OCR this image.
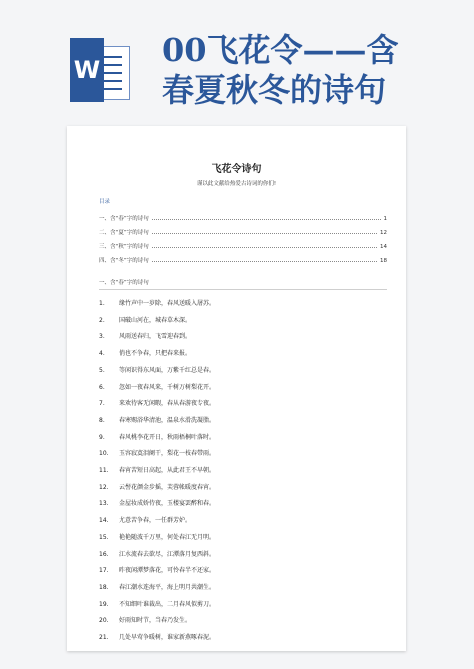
W
00飞花令——含
春夏秋冬的诗句
飞花令诗句
谨以此文献给热爱古诗词的你们!
目录
一、含“春”字的诗句	1
二、含“夏”字的诗句	12
三、含“秋”字的诗句	14
四、含“冬”字的诗句	18
一、含“春”字的诗句
1. 缘竹声中一岁除，春风送暖入屠苏。
2. 国破山河在，城春草木深。
3. 风雨送春归，飞雪迎春到。
4. 俏也不争春，只把春来报。
5. 等闲识得东风面，万紫千红总是春。
6. 忽如一夜春风来，千树万树梨花开。
7. 来欢待客无闲暇，春从春游夜专夜。
8. 春寒赐浴华清池，温泉水滑洗凝脂。
9. 春风桃李花开日，秋雨梧桐叶落时。
10. 玉容寂寞泪阑干，梨花一枝春带雨。
11. 春宵苦短日高起，从此君王不早朝。
12. 云髻花颜金步摇，芙蓉帐暖度春宵。
13. 金屋妆成娇侍夜，玉楼宴罢醉和春。
14. 尤意苦争春，一任群芳妒。
15. 艳艳随波千万里，何处春江无月明。
16. 江水流春去欲尽，江潭落月复西斜。
17. 昨夜闲潭梦落花，可怜春半不还家。
18. 春江潮水连海平，海上明月共潮生。
19. 不知细叶谁裁出，二月春风似剪刀。
20. 好雨知时节，当春乃发生。
21. 几处早莺争暖树，谁家新燕啄春泥。
